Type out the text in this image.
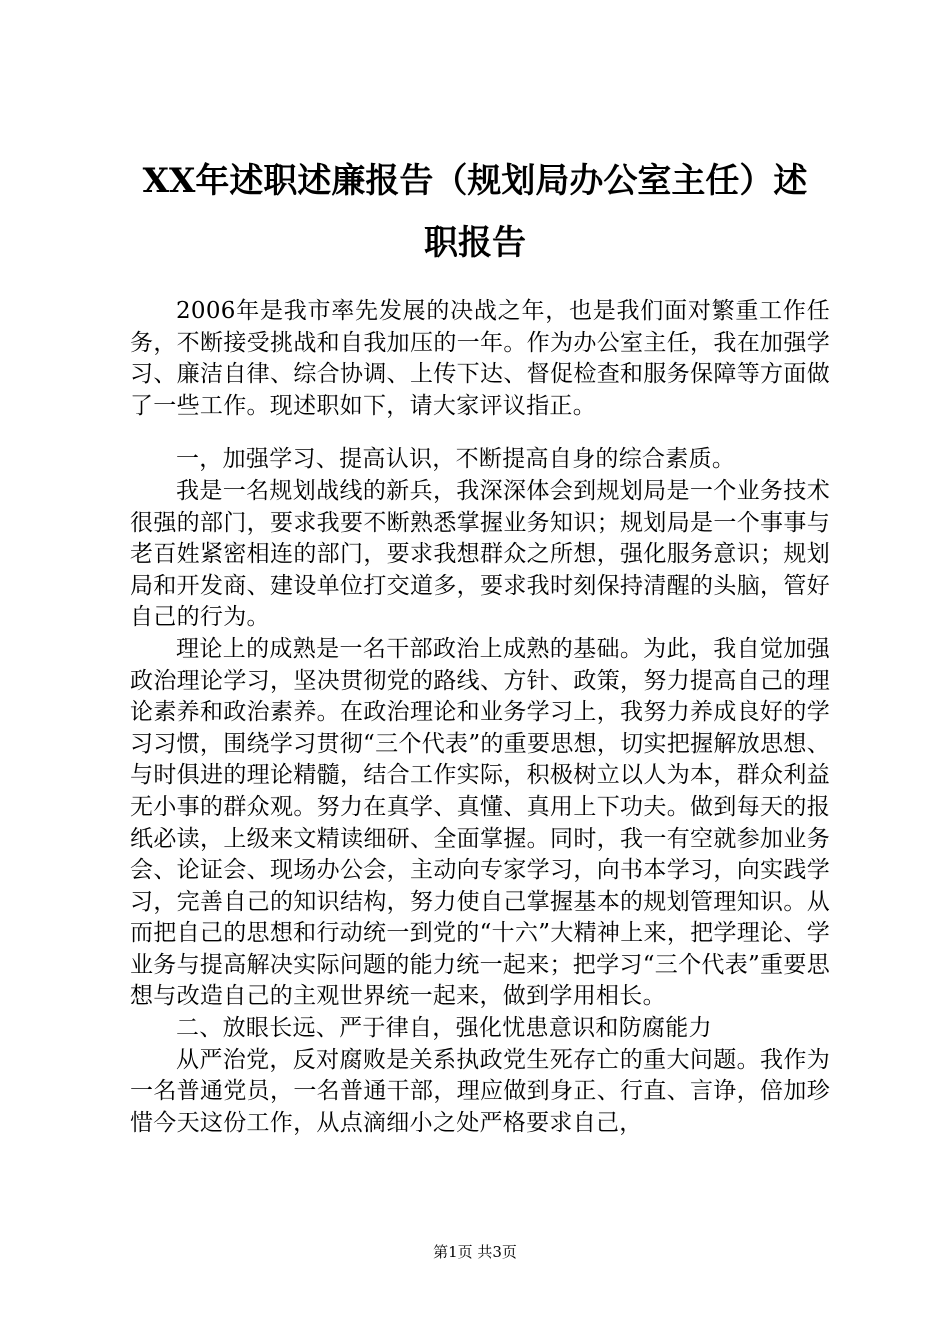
XX年述职述廉报告（规划局办公室主任）述
职报告

2006年是我市率先发展的决战之年，也是我们面对繁重工作任务，不断接受挑战和自我加压的一年。作为办公室主任，我在加强学习、廉洁自律、综合协调、上传下达、督促检查和服务保障等方面做了一些工作。现述职如下，请大家评议指正。

一，加强学习、提高认识，不断提高自身的综合素质。

我是一名规划战线的新兵，我深深体会到规划局是一个业务技术很强的部门，要求我要不断熟悉掌握业务知识；规划局是一个事事与老百姓紧密相连的部门，要求我想群众之所想，强化服务意识；规划局和开发商、建设单位打交道多，要求我时刻保持清醒的头脑，管好自己的行为。

理论上的成熟是一名干部政治上成熟的基础。为此，我自觉加强政治理论学习，坚决贯彻党的路线、方针、政策，努力提高自己的理论素养和政治素养。在政治理论和业务学习上，我努力养成良好的学习习惯，围绕学习贯彻“三个代表”的重要思想，切实把握解放思想、与时俱进的理论精髓，结合工作实际，积极树立以人为本，群众利益无小事的群众观。努力在真学、真懂、真用上下功夫。做到每天的报纸必读，上级来文精读细研、全面掌握。同时，我一有空就参加业务会、论证会、现场办公会，主动向专家学习，向书本学习，向实践学习，完善自己的知识结构，努力使自己掌握基本的规划管理知识。从而把自己的思想和行动统一到党的“十六”大精神上来，把学理论、学业务与提高解决实际问题的能力统一起来；把学习“三个代表”重要思想与改造自己的主观世界统一起来，做到学用相长。

二、放眼长远、严于律自，强化忧患意识和防腐能力

从严治党，反对腐败是关系执政党生死存亡的重大问题。我作为一名普通党员，一名普通干部，理应做到身正、行直、言诤，倍加珍惜今天这份工作，从点滴细小之处严格要求自己，

第1页 共3页
